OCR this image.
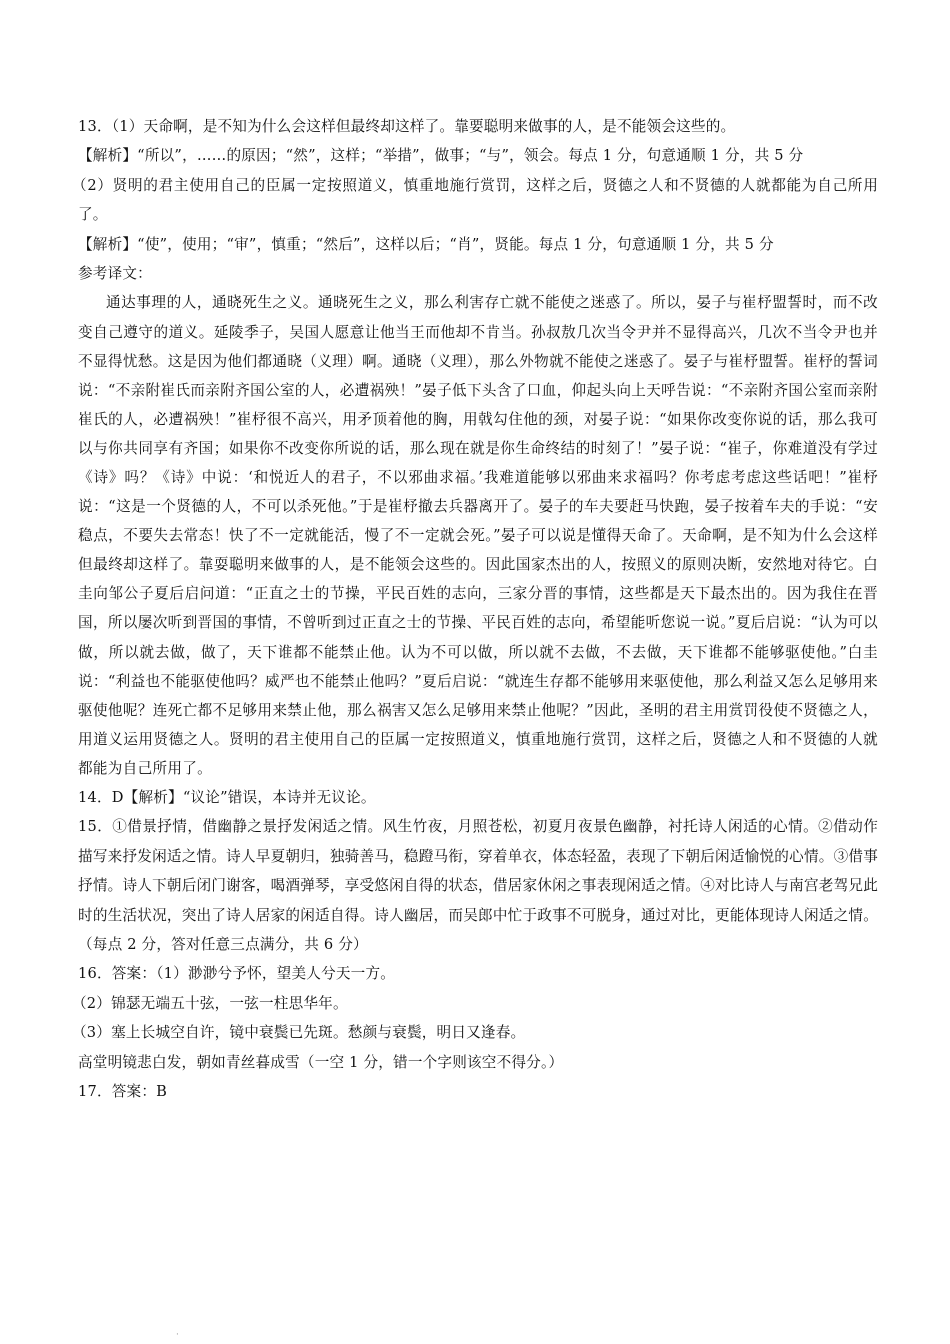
13．（1）天命啊，是不知为什么会这样但最终却这样了。靠要聪明来做事的人，是不能领会这些的。

【解析】“所以”，……的原因；“然”，这样；“举措”，做事；“与”，领会。每点 1 分，句意通顺 1 分，共 5 分

（2）贤明的君主使用自己的臣属一定按照道义，慎重地施行赏罚，这样之后，贤德之人和不贤德的人就都能为自己所用了。

【解析】“使”，使用；“审”，慎重；“然后”，这样以后；“肖”，贤能。每点 1 分，句意通顺 1 分，共 5 分

参考译文：

通达事理的人，通晓死生之义。通晓死生之义，那么利害存亡就不能使之迷惑了。所以，晏子与崔杼盟誓时，而不改变自己遵守的道义。延陵季子，吴国人愿意让他当王而他却不肯当。孙叔敖几次当令尹并不显得高兴，几次不当令尹也并不显得忧愁。这是因为他们都通晓（义理）啊。通晓（义理），那么外物就不能使之迷惑了。晏子与崔杼盟誓。崔杼的誓词说：“不亲附崔氏而亲附齐国公室的人，必遭祸殃！”晏子低下头含了口血，仰起头向上天呼告说：“不亲附齐国公室而亲附崔氏的人，必遭祸殃！”崔杼很不高兴，用矛顶着他的胸，用戟勾住他的颈，对晏子说：“如果你改变你说的话，那么我可以与你共同享有齐国；如果你不改变你所说的话，那么现在就是你生命终结的时刻了！”晏子说：“崔子，你难道没有学过《诗》吗？《诗》中说：‘和悦近人的君子，不以邪曲求福。’我难道能够以邪曲来求福吗？你考虑考虑这些话吧！”崔杼说：“这是一个贤德的人，不可以杀死他。”于是崔杼撤去兵器离开了。晏子的车夫要赶马快跑，晏子按着车夫的手说：“安稳点，不要失去常态！快了不一定就能活，慢了不一定就会死。”晏子可以说是懂得天命了。天命啊，是不知为什么会这样但最终却这样了。靠耍聪明来做事的人，是不能领会这些的。因此国家杰出的人，按照义的原则决断，安然地对待它。白圭向邹公子夏后启问道：“正直之士的节操，平民百姓的志向，三家分晋的事情，这些都是天下最杰出的。因为我住在晋国，所以屡次听到晋国的事情，不曾听到过正直之士的节操、平民百姓的志向，希望能听您说一说。”夏后启说：“认为可以做，所以就去做，做了，天下谁都不能禁止他。认为不可以做，所以就不去做，不去做，天下谁都不能够驱使他。”白圭说：“利益也不能驱使他吗？威严也不能禁止他吗？”夏后启说：“就连生存都不能够用来驱使他，那么利益又怎么足够用来驱使他呢？连死亡都不足够用来禁止他，那么祸害又怎么足够用来禁止他呢？”因此，圣明的君主用赏罚役使不贤德之人，用道义运用贤德之人。贤明的君主使用自己的臣属一定按照道义，慎重地施行赏罚，这样之后，贤德之人和不贤德的人就都能为自己所用了。

14．D【解析】“议论”错误，本诗并无议论。

15．①借景抒情，借幽静之景抒发闲适之情。风生竹夜，月照苍松，初夏月夜景色幽静，衬托诗人闲适的心情。②借动作描写来抒发闲适之情。诗人早夏朝归，独骑善马，稳蹬马衔，穿着单衣，体态轻盈，表现了下朝后闲适愉悦的心情。③借事抒情。诗人下朝后闭门谢客，喝酒弹琴，享受悠闲自得的状态，借居家休闲之事表现闲适之情。④对比诗人与南宫老驾兄此时的生活状况，突出了诗人居家的闲适自得。诗人幽居，而吴郎中忙于政事不可脱身，通过对比，更能体现诗人闲适之情。（每点 2 分，答对任意三点满分，共 6 分）

16．答案：（1）渺渺兮予怀，望美人兮天一方。

（2）锦瑟无端五十弦，一弦一柱思华年。

（3）塞上长城空自许，镜中衰鬓已先斑。愁颜与衰鬓，明日又逢春。

高堂明镜悲白发，朝如青丝暮成雪（一空 1 分，错一个字则该空不得分。）

17．答案：B

·
